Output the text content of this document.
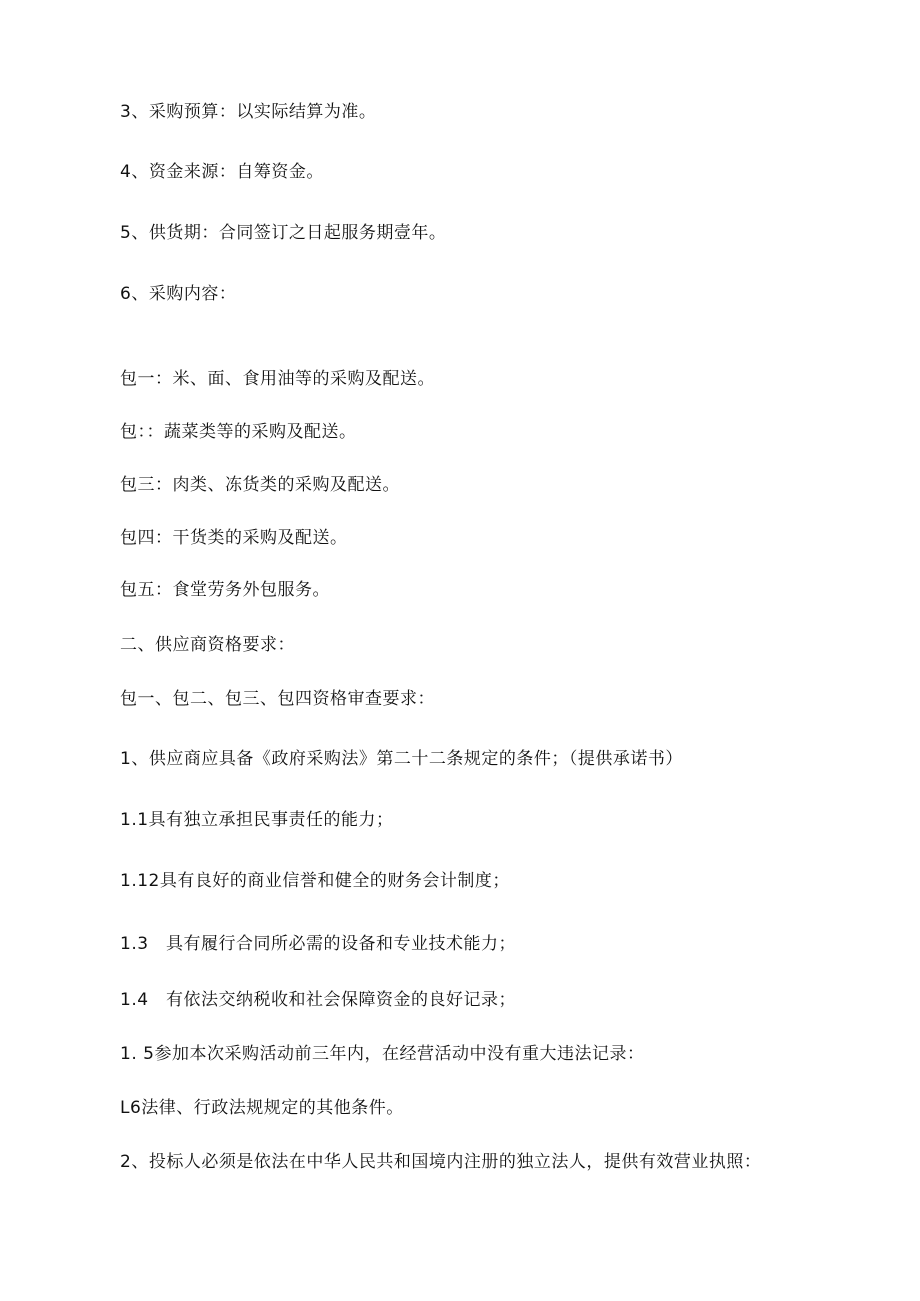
3、采购预算：以实际结算为准。
4、资金来源：自筹资金。
5、供货期：合同签订之日起服务期壹年。
6、采购内容：
包一：米、面、食用油等的采购及配送。
包：：蔬菜类等的采购及配送。
包三：肉类、冻货类的采购及配送。
包四：干货类的采购及配送。
包五：食堂劳务外包服务。
二、供应商资格要求：
包一、包二、包三、包四资格审查要求：
1、供应商应具备《政府采购法》第二十二条规定的条件；（提供承诺书）
1.1具有独立承担民事责任的能力；
1.12具有良好的商业信誉和健全的财务会计制度；
1.3　具有履行合同所必需的设备和专业技术能力；
1.4　有依法交纳税收和社会保障资金的良好记录；
1. 5参加本次采购活动前三年内，在经营活动中没有重大违法记录：
L6法律、行政法规规定的其他条件。
2、投标人必须是依法在中华人民共和国境内注册的独立法人，提供有效营业执照：
